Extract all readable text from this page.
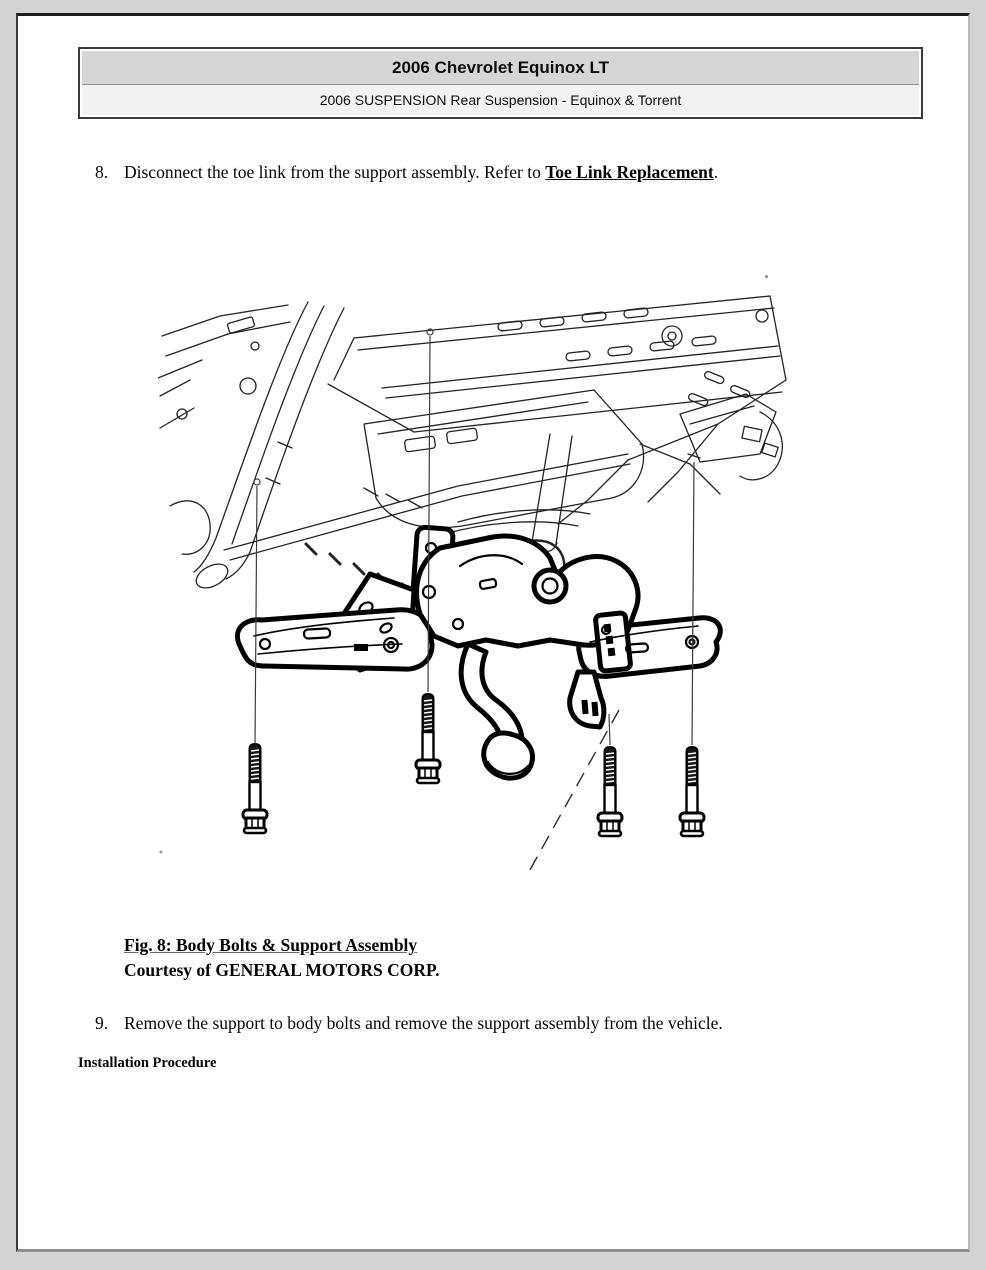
2006 Chevrolet Equinox LT
2006 SUSPENSION Rear Suspension - Equinox & Torrent
8. Disconnect the toe link from the support assembly. Refer to Toe Link Replacement.
Fig. 8: Body Bolts & Support Assembly
Courtesy of GENERAL MOTORS CORP.
9. Remove the support to body bolts and remove the support assembly from the vehicle.
Installation Procedure
